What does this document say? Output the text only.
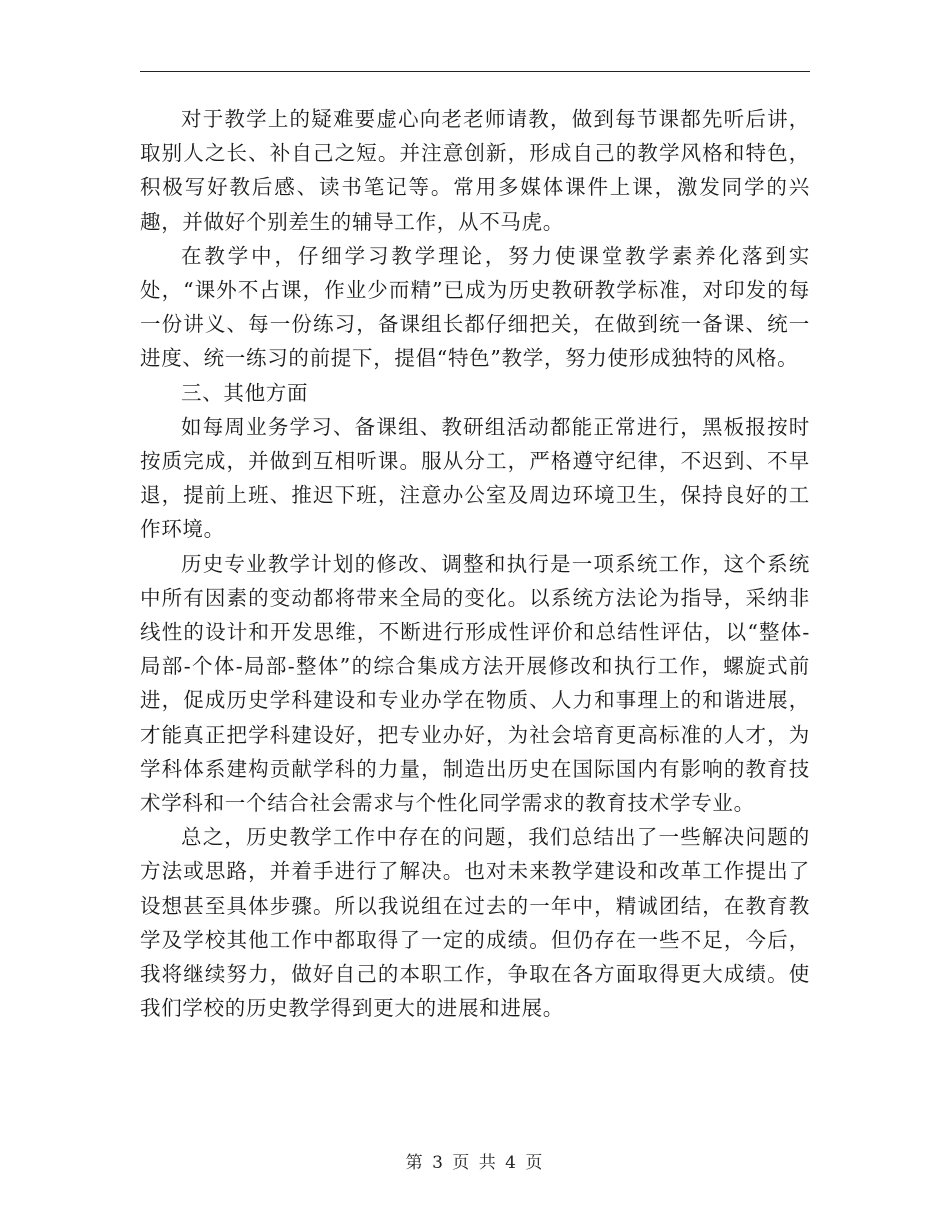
对于教学上的疑难要虚心向老老师请教，做到每节课都先听后讲，取别人之长、补自己之短。并注意创新，形成自己的教学风格和特色，积极写好教后感、读书笔记等。常用多媒体课件上课，激发同学的兴趣，并做好个别差生的辅导工作，从不马虎。

在教学中，仔细学习教学理论，努力使课堂教学素养化落到实处，“课外不占课，作业少而精”已成为历史教研教学标准，对印发的每一份讲义、每一份练习，备课组长都仔细把关，在做到统一备课、统一进度、统一练习的前提下，提倡“特色”教学，努力使形成独特的风格。

三、其他方面

如每周业务学习、备课组、教研组活动都能正常进行，黑板报按时按质完成，并做到互相听课。服从分工，严格遵守纪律，不迟到、不早退，提前上班、推迟下班，注意办公室及周边环境卫生，保持良好的工作环境。

历史专业教学计划的修改、调整和执行是一项系统工作，这个系统中所有因素的变动都将带来全局的变化。以系统方法论为指导，采纳非线性的设计和开发思维，不断进行形成性评价和总结性评估，以“整体-局部-个体-局部-整体”的综合集成方法开展修改和执行工作，螺旋式前进，促成历史学科建设和专业办学在物质、人力和事理上的和谐进展，才能真正把学科建设好，把专业办好，为社会培育更高标准的人才，为学科体系建构贡献学科的力量，制造出历史在国际国内有影响的教育技术学科和一个结合社会需求与个性化同学需求的教育技术学专业。

总之，历史教学工作中存在的问题，我们总结出了一些解决问题的方法或思路，并着手进行了解决。也对未来教学建设和改革工作提出了设想甚至具体步骤。所以我说组在过去的一年中，精诚团结，在教育教学及学校其他工作中都取得了一定的成绩。但仍存在一些不足，今后，我将继续努力，做好自己的本职工作，争取在各方面取得更大成绩。使我们学校的历史教学得到更大的进展和进展。

第 3 页 共 4 页
